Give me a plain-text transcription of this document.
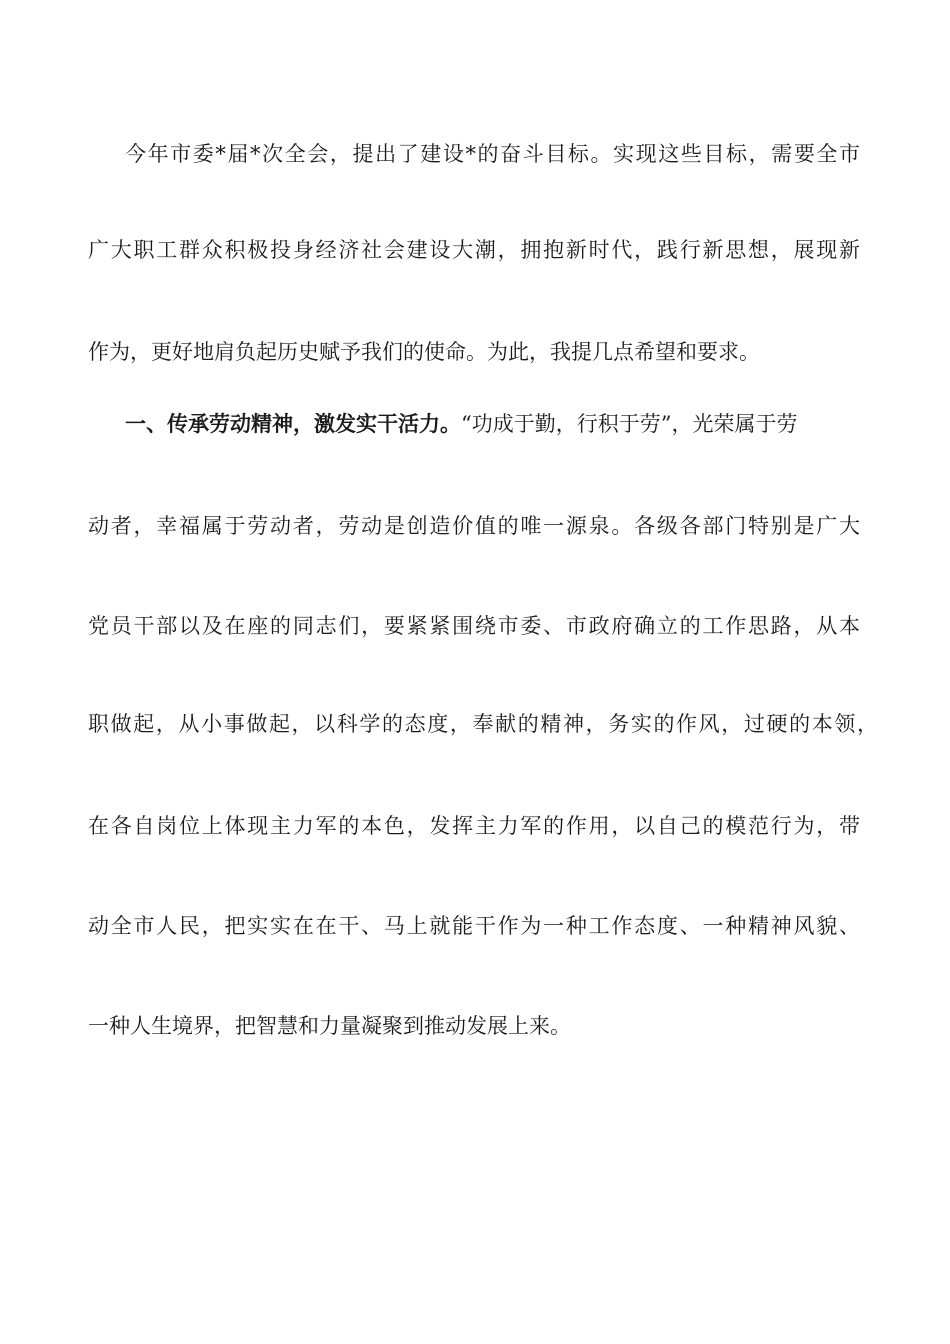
今年市委*届*次全会，提出了建设*的奋斗目标。实现这些目标，需要全市
广大职工群众积极投身经济社会建设大潮，拥抱新时代，践行新思想，展现新
作为，更好地肩负起历史赋予我们的使命。为此，我提几点希望和要求。
一、传承劳动精神，激发实干活力。“功成于勤，行积于劳”，光荣属于劳
动者，幸福属于劳动者，劳动是创造价值的唯一源泉。各级各部门特别是广大
党员干部以及在座的同志们，要紧紧围绕市委、市政府确立的工作思路，从本
职做起，从小事做起，以科学的态度，奉献的精神，务实的作风，过硬的本领，
在各自岗位上体现主力军的本色，发挥主力军的作用，以自己的模范行为，带
动全市人民，把实实在在干、马上就能干作为一种工作态度、一种精神风貌、
一种人生境界，把智慧和力量凝聚到推动发展上来。
